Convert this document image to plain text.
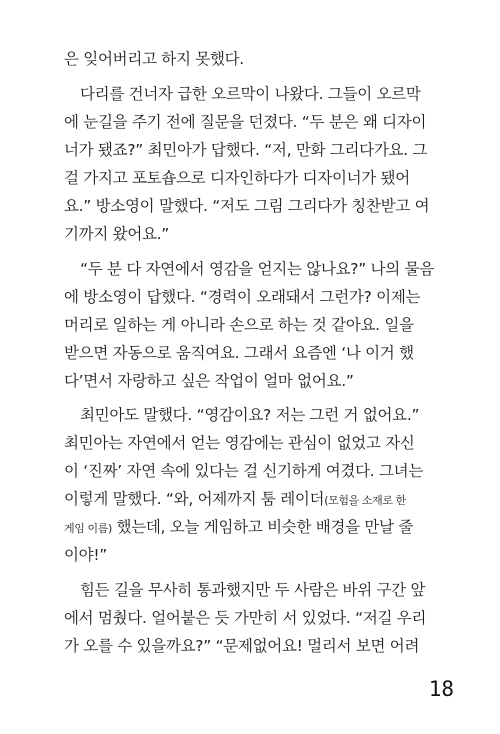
은 잊어버리고 하지 못했다.
다리를 건너자 급한 오르막이 나왔다. 그들이 오르막
에 눈길을 주기 전에 질문을 던졌다. “두 분은 왜 디자이
너가 됐죠?” 최민아가 답했다. “저, 만화 그리다가요. 그
걸 가지고 포토숍으로 디자인하다가 디자이너가 됐어
요.” 방소영이 말했다. “저도 그림 그리다가 칭찬받고 여
기까지 왔어요.”
“두 분 다 자연에서 영감을 얻지는 않나요?” 나의 물음
에 방소영이 답했다. “경력이 오래돼서 그런가? 이제는
머리로 일하는 게 아니라 손으로 하는 것 같아요. 일을
받으면 자동으로 움직여요. 그래서 요즘엔 ‘나 이거 했
다’면서 자랑하고 싶은 작업이 얼마 없어요.”
최민아도 말했다. “영감이요? 저는 그런 거 없어요.”
최민아는 자연에서 얻는 영감에는 관심이 없었고 자신
이 ‘진짜’ 자연 속에 있다는 걸 신기하게 여겼다. 그녀는
이렇게 말했다. “와, 어제까지 툼 레이더(모험을 소재로 한
게임 이름) 했는데, 오늘 게임하고 비슷한 배경을 만날 줄
이야!”
힘든 길을 무사히 통과했지만 두 사람은 바위 구간 앞
에서 멈췄다. 얼어붙은 듯 가만히 서 있었다. “저길 우리
가 오를 수 있을까요?” “문제없어요! 멀리서 보면 어려
18
